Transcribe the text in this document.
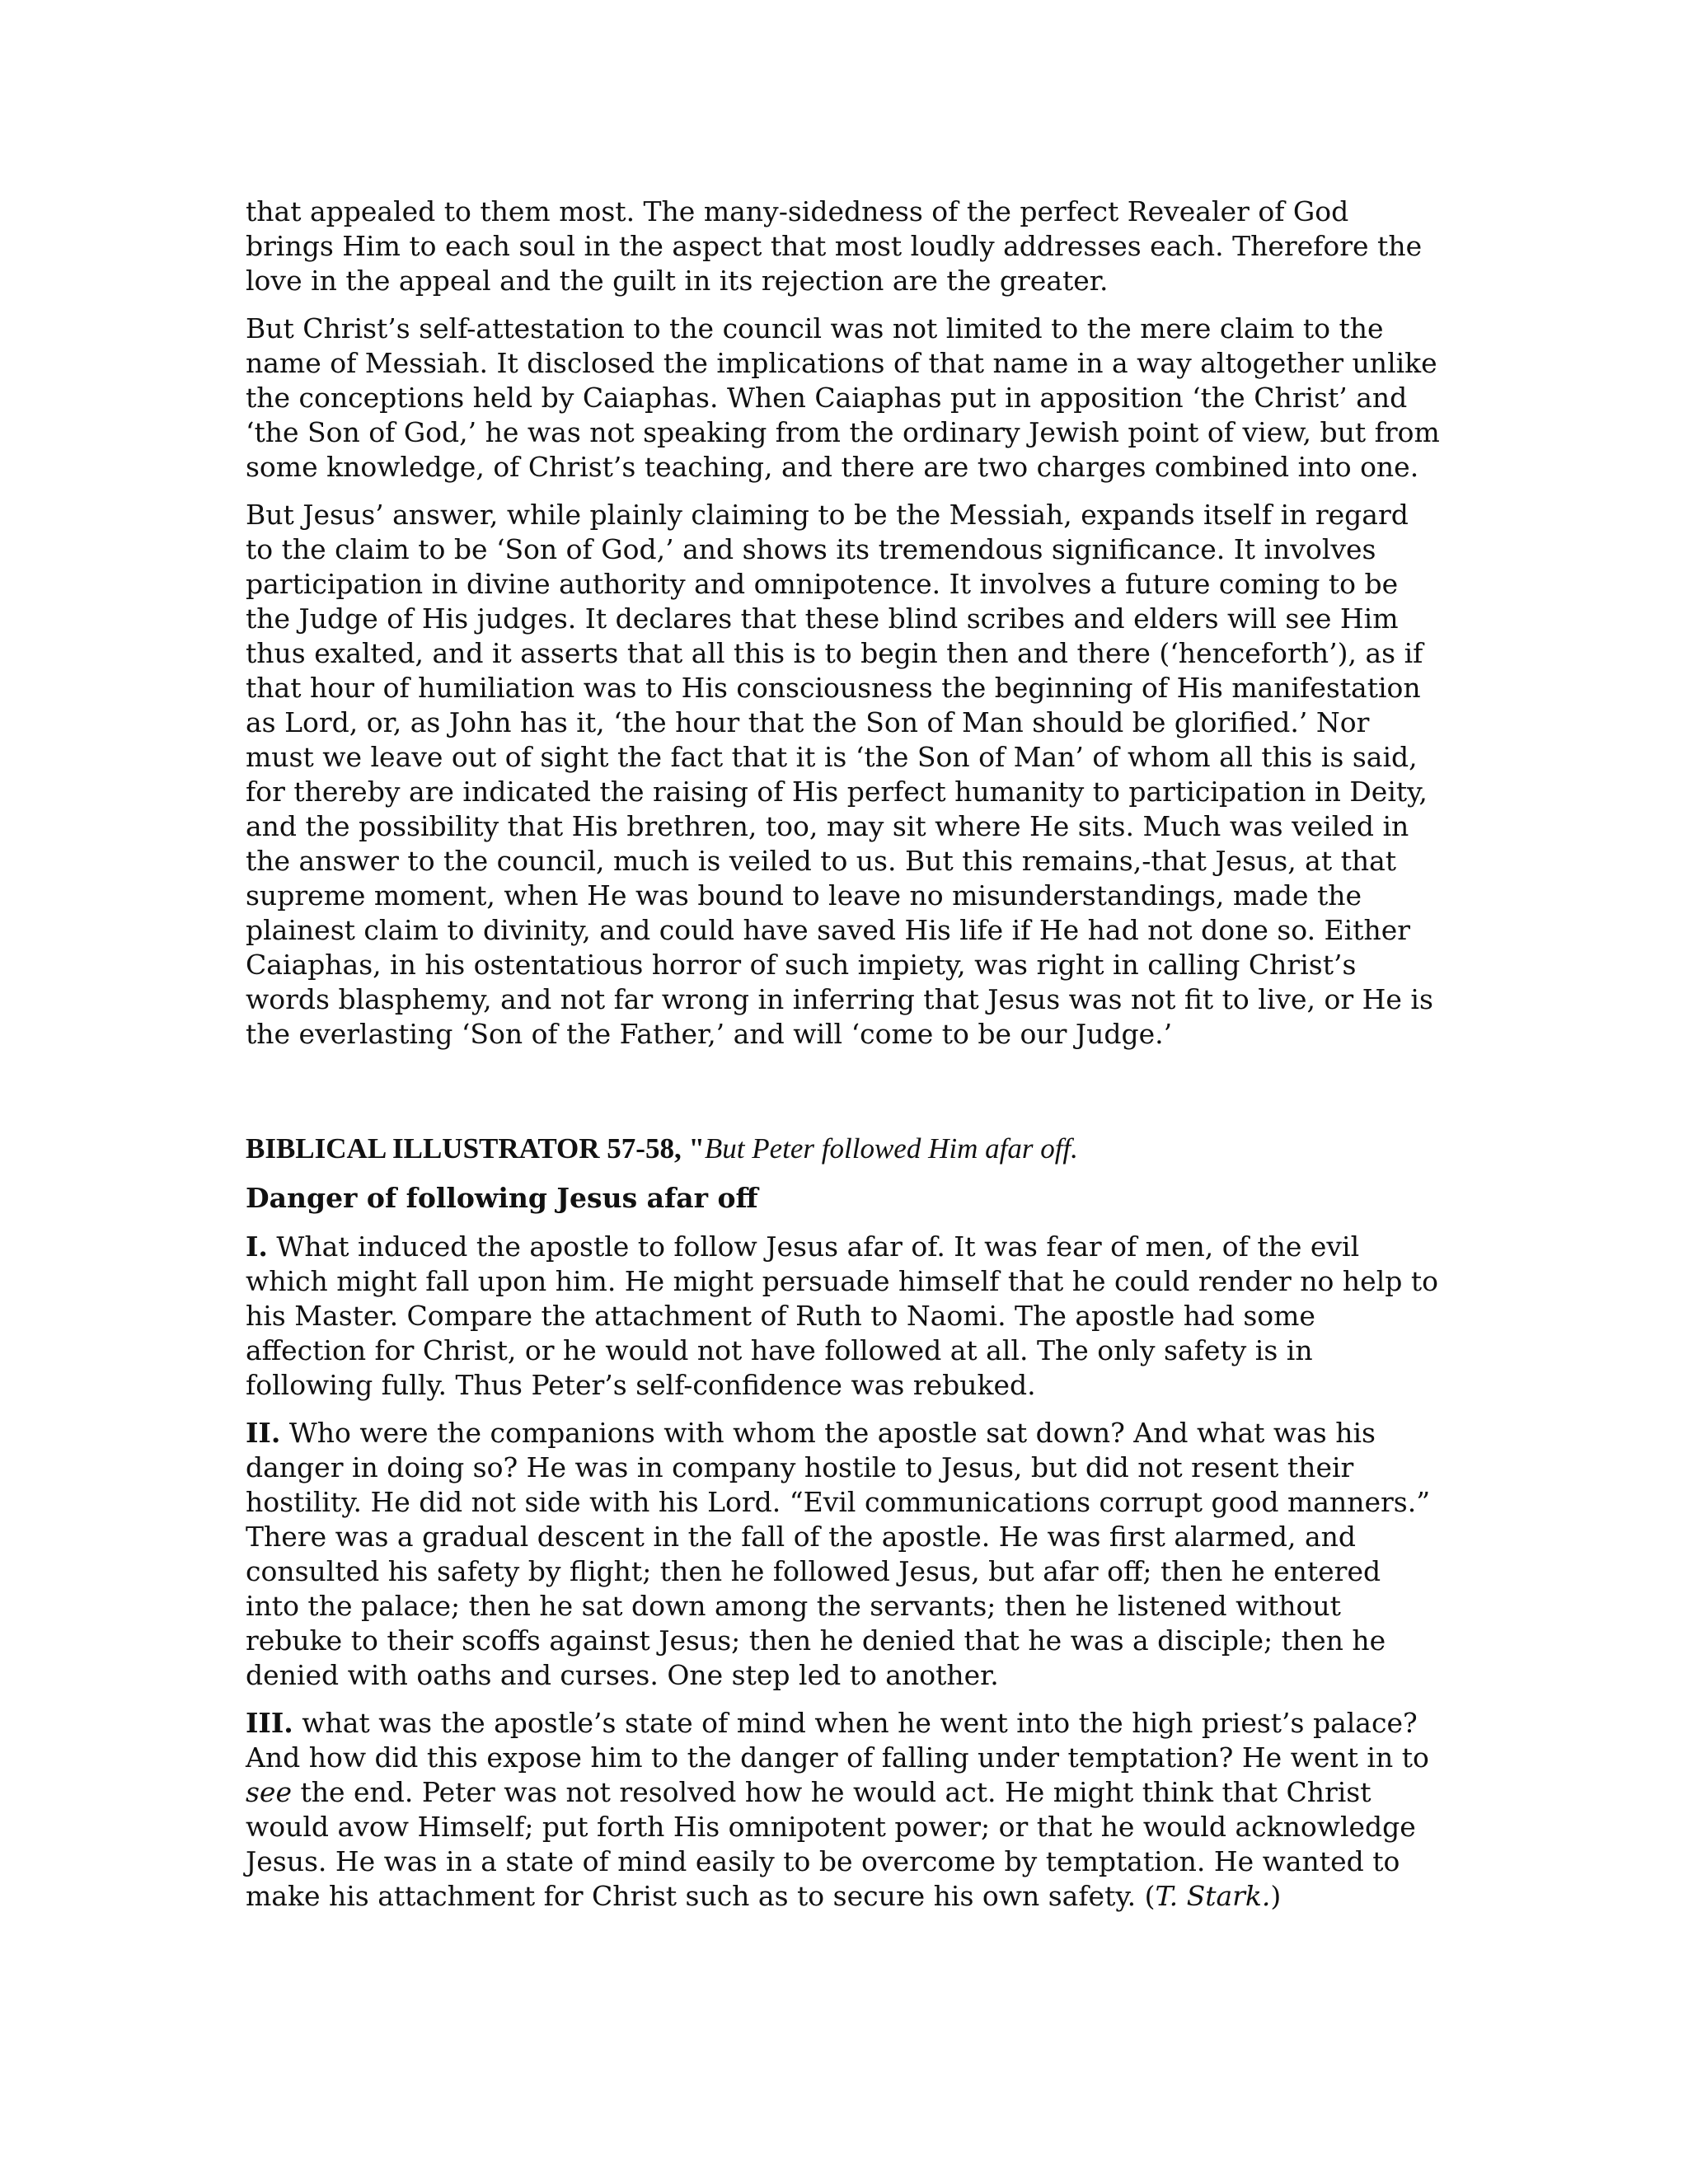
that appealed to them most. The many-sidedness of the perfect Revealer of God brings Him to each soul in the aspect that most loudly addresses each. Therefore the love in the appeal and the guilt in its rejection are the greater.

But Christ’s self-attestation to the council was not limited to the mere claim to the name of Messiah. It disclosed the implications of that name in a way altogether unlike the conceptions held by Caiaphas. When Caiaphas put in apposition ‘the Christ’ and ‘the Son of God,’ he was not speaking from the ordinary Jewish point of view, but from some knowledge, of Christ’s teaching, and there are two charges combined into one.

But Jesus’ answer, while plainly claiming to be the Messiah, expands itself in regard to the claim to be ‘Son of God,’ and shows its tremendous significance. It involves participation in divine authority and omnipotence. It involves a future coming to be the Judge of His judges. It declares that these blind scribes and elders will see Him thus exalted, and it asserts that all this is to begin then and there (‘henceforth’), as if that hour of humiliation was to His consciousness the beginning of His manifestation as Lord, or, as John has it, ‘the hour that the Son of Man should be glorified.’ Nor must we leave out of sight the fact that it is ‘the Son of Man’ of whom all this is said, for thereby are indicated the raising of His perfect humanity to participation in Deity, and the possibility that His brethren, too, may sit where He sits. Much was veiled in the answer to the council, much is veiled to us. But this remains,-that Jesus, at that supreme moment, when He was bound to leave no misunderstandings, made the plainest claim to divinity, and could have saved His life if He had not done so. Either Caiaphas, in his ostentatious horror of such impiety, was right in calling Christ’s words blasphemy, and not far wrong in inferring that Jesus was not fit to live, or He is the everlasting ‘Son of the Father,’ and will ‘come to be our Judge.’

BIBLICAL ILLUSTRATOR 57-58, "But Peter followed Him afar off.
Danger of following Jesus afar off

I. What induced the apostle to follow Jesus afar of. It was fear of men, of the evil which might fall upon him. He might persuade himself that he could render no help to his Master. Compare the attachment of Ruth to Naomi. The apostle had some affection for Christ, or he would not have followed at all. The only safety is in following fully. Thus Peter’s self-confidence was rebuked.

II. Who were the companions with whom the apostle sat down? And what was his danger in doing so? He was in company hostile to Jesus, but did not resent their hostility. He did not side with his Lord. “Evil communications corrupt good manners.” There was a gradual descent in the fall of the apostle. He was first alarmed, and consulted his safety by flight; then he followed Jesus, but afar off; then he entered into the palace; then he sat down among the servants; then he listened without rebuke to their scoffs against Jesus; then he denied that he was a disciple; then he denied with oaths and curses. One step led to another.

III. what was the apostle’s state of mind when he went into the high priest’s palace? And how did this expose him to the danger of falling under temptation? He went in to see the end. Peter was not resolved how he would act. He might think that Christ would avow Himself; put forth His omnipotent power; or that he would acknowledge Jesus. He was in a state of mind easily to be overcome by temptation. He wanted to make his attachment for Christ such as to secure his own safety. (T. Stark.)
